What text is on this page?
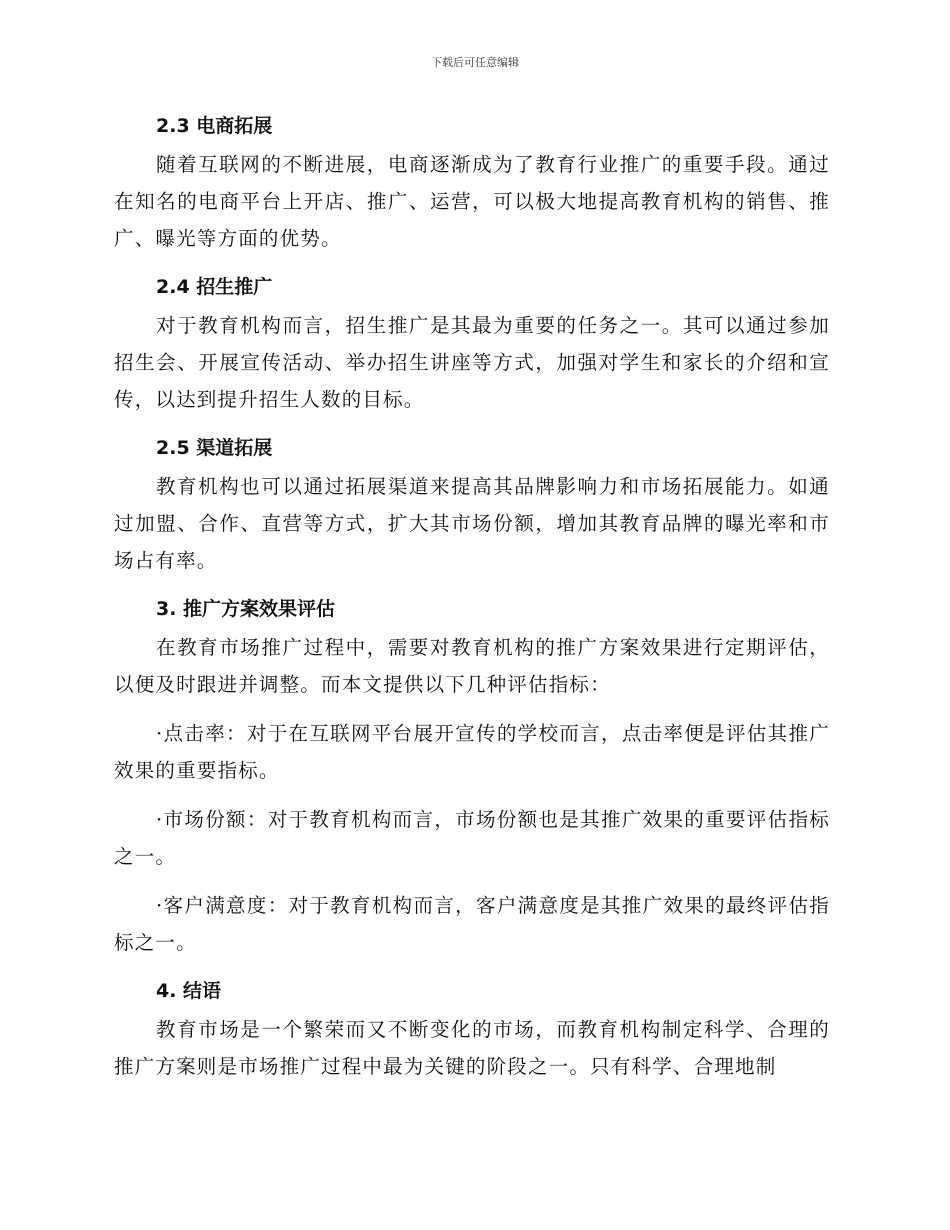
下载后可任意编辑
2.3 电商拓展

随着互联网的不断进展，电商逐渐成为了教育行业推广的重要手段。通过在知名的电商平台上开店、推广、运营，可以极大地提高教育机构的销售、推广、曝光等方面的优势。

2.4 招生推广

对于教育机构而言，招生推广是其最为重要的任务之一。其可以通过参加招生会、开展宣传活动、举办招生讲座等方式，加强对学生和家长的介绍和宣传，以达到提升招生人数的目标。

2.5 渠道拓展

教育机构也可以通过拓展渠道来提高其品牌影响力和市场拓展能力。如通过加盟、合作、直营等方式，扩大其市场份额，增加其教育品牌的曝光率和市场占有率。

3. 推广方案效果评估

在教育市场推广过程中，需要对教育机构的推广方案效果进行定期评估，以便及时跟进并调整。而本文提供以下几种评估指标：

·点击率：对于在互联网平台展开宣传的学校而言，点击率便是评估其推广效果的重要指标。

·市场份额：对于教育机构而言，市场份额也是其推广效果的重要评估指标之一。

·客户满意度：对于教育机构而言，客户满意度是其推广效果的最终评估指标之一。

4. 结语

教育市场是一个繁荣而又不断变化的市场，而教育机构制定科学、合理的推广方案则是市场推广过程中最为关键的阶段之一。只有科学、合理地制
